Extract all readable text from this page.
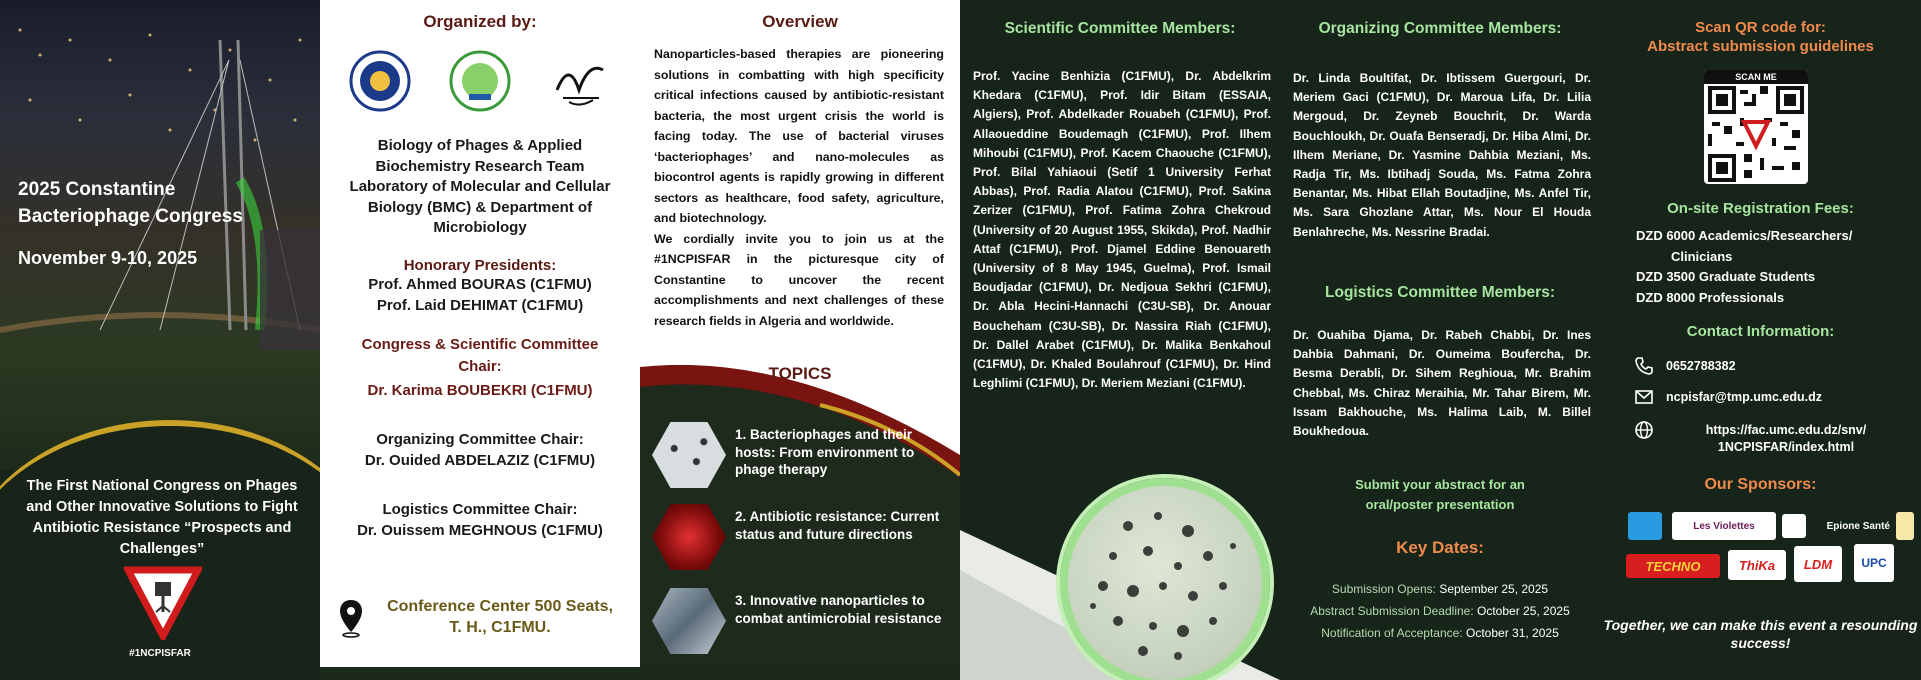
2025 Constantine
Bacteriophage Congress
November 9-10, 2025
The First National Congress on Phages and Other Innovative Solutions to Fight Antibiotic Resistance “Prospects and Challenges”
#1NCPISFAR
Organized by:
Biology of Phages & Applied
Biochemistry Research Team
Laboratory of Molecular and Cellular
Biology (BMC) & Department of
Microbiology
Honorary Presidents:
Prof. Ahmed BOURAS (C1FMU)
Prof. Laid DEHIMAT (C1FMU)
Congress & Scientific Committee
Chair:
Dr. Karima BOUBEKRI (C1FMU)
Organizing Committee Chair:
Dr. Ouided ABDELAZIZ (C1FMU)
Logistics Committee Chair:
Dr. Ouissem MEGHNOUS (C1FMU)
Conference Center 500 Seats,
T. H., C1FMU.
Overview

Nanoparticles-based therapies are pioneering solutions in combatting with high specificity critical infections caused by antibiotic-resistant bacteria, the most urgent crisis the world is facing today. The use of bacterial viruses ‘bacteriophages’ and nano-molecules as biocontrol agents is rapidly growing in different sectors as healthcare, food safety, agriculture, and biotechnology.

We cordially invite you to join us at the #1NCPISFAR in the picturesque city of Constantine to uncover the recent accomplishments and next challenges of these research fields in Algeria and worldwide.

TOPICS
1. Bacteriophages and their hosts: From environment to phage therapy
2. Antibiotic resistance: Current status and future directions
3. Innovative nanoparticles to combat antimicrobial resistance
Scientific Committee Members:
Prof. Yacine Benhizia (C1FMU), Dr. Abdelkrim Khedara (C1FMU), Prof. Idir Bitam (ESSAIA, Algiers), Prof. Abdelkader Rouabeh (C1FMU), Prof. Allaoueddine Boudemagh (C1FMU), Prof. Ilhem Mihoubi (C1FMU), Prof. Kacem Chaouche (C1FMU), Prof. Bilal Yahiaoui (Setif 1 University Ferhat Abbas), Prof. Radia Alatou (C1FMU), Prof. Sakina Zerizer (C1FMU), Prof. Fatima Zohra Chekroud (University of 20 August 1955, Skikda), Prof. Nadhir Attaf (C1FMU), Prof. Djamel Eddine Benouareth (University of 8 May 1945, Guelma), Prof. Ismail Boudjadar (C1FMU), Dr. Nedjoua Sekhri (C1FMU), Dr. Abla Hecini-Hannachi (C3U-SB), Dr. Anouar Boucheham (C3U-SB), Dr. Nassira Riah (C1FMU), Dr. Dallel Arabet (C1FMU), Dr. Malika Benkahoul (C1FMU), Dr. Khaled Boulahrouf (C1FMU), Dr. Hind Leghlimi (C1FMU), Dr. Meriem Meziani (C1FMU).
Organizing Committee Members:
Dr. Linda Boultifat, Dr. Ibtissem Guergouri, Dr. Meriem Gaci (C1FMU), Dr. Maroua Lifa, Dr. Lilia Mergoud, Dr. Zeyneb Bouchrit, Dr. Warda Bouchloukh, Dr. Ouafa Benseradj, Dr. Hiba Almi, Dr. Ilhem Meriane, Dr. Yasmine Dahbia Meziani, Ms. Radja Tir, Ms. Ibtihadj Souda, Ms. Fatma Zohra Benantar, Ms. Hibat Ellah Boutadjine, Ms. Anfel Tir, Ms. Sara Ghozlane Attar, Ms. Nour El Houda Benlahreche, Ms. Nessrine Bradai.
Logistics Committee Members:
Dr. Ouahiba Djama, Dr. Rabeh Chabbi, Dr. Ines Dahbia Dahmani, Dr. Oumeima Boufercha, Dr. Besma Derabli, Dr. Sihem Reghioua, Mr. Brahim Chebbal, Ms. Chiraz Meraihia, Mr. Tahar Birem, Mr. Issam Bakhouche, Ms. Halima Laib, M. Billel Boukhedoua.
Submit your abstract for an
oral/poster presentation
Key Dates:
Submission Opens: September 25, 2025
Abstract Submission Deadline: October 25, 2025
Notification of Acceptance: October 31, 2025
Scan QR code for:
Abstract submission guidelines
SCAN ME
On-site Registration Fees:
DZD 6000 Academics/Researchers/
Clinicians
DZD 3500 Graduate Students
DZD 8000 Professionals
Contact Information:
0652788382
ncpisfar@tmp.umc.edu.dz
https://fac.umc.edu.dz/snv/
1NCPISFAR/index.html
Our Sponsors:
Les Violettes	Epione Santé
TECHNO	ThiKa	LDM	UPC
Together, we can make this event a resounding success!
